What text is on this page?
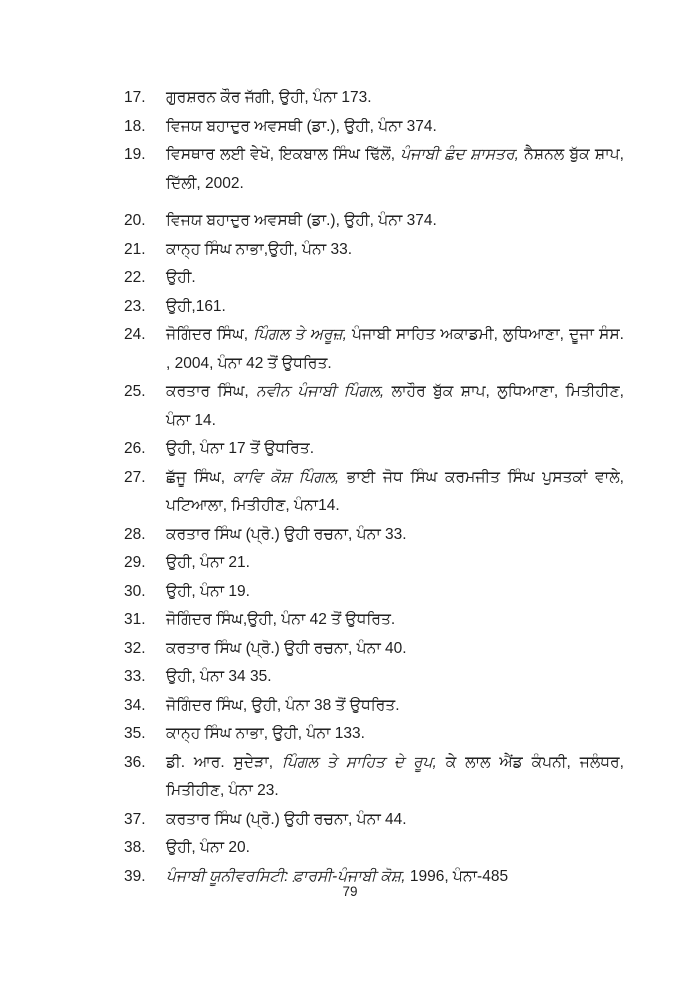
17.	ਗੁਰਸ਼ਰਨ ਕੌਰ ਜੱਗੀ, ਉਹੀ, ਪੰਨਾ 173.
18.	ਵਿਜਯ ਬਹਾਦੁਰ ਅਵਸਥੀ (ਡਾ.), ਉਹੀ, ਪੰਨਾ 374.
19.	ਵਿਸਥਾਰ ਲਈ ਵੇਖੋ, ਇਕਬਾਲ ਸਿੰਘ ਢਿੱਲੋਂ, ਪੰਜਾਬੀ ਛੰਦ ਸ਼ਾਸਤਰ, ਨੈਸ਼ਨਲ ਬੁੱਕ ਸ਼ਾਪ, ਦਿੱਲੀ, 2002.
20.	ਵਿਜਯ ਬਹਾਦੁਰ ਅਵਸਥੀ (ਡਾ.), ਉਹੀ, ਪੰਨਾ 374.
21.	ਕਾਨ੍ਹ ਸਿੰਘ ਨਾਭਾ,ਉਹੀ, ਪੰਨਾ 33.
22.	ਉਹੀ.
23.	ਉਹੀ,161.
24.	ਜੋਗਿੰਦਰ ਸਿੰਘ, ਪਿੰਗਲ ਤੇ ਅਰੂਜ਼, ਪੰਜਾਬੀ ਸਾਹਿਤ ਅਕਾਡਮੀ, ਲੁਧਿਆਣਾ, ਦੂਜਾ ਸੰਸ. , 2004, ਪੰਨਾ 42 ਤੋਂ ਉਧਰਿਤ.
25.	ਕਰਤਾਰ ਸਿੰਘ, ਨਵੀਨ ਪੰਜਾਬੀ ਪਿੰਗਲ, ਲਾਹੌਰ ਬੁੱਕ ਸ਼ਾਪ, ਲੁਧਿਆਣਾ, ਮਿਤੀਹੀਣ, ਪੰਨਾ 14.
26.	ਉਹੀ, ਪੰਨਾ 17 ਤੋਂ ਉਧਰਿਤ.
27.	ਛੱਜੂ ਸਿੰਘ, ਕਾਵਿ ਕੋਸ਼ ਪਿੰਗਲ, ਭਾਈ ਜੋਧ ਸਿੰਘ ਕਰਮਜੀਤ ਸਿੰਘ ਪੁਸਤਕਾਂ ਵਾਲੇ, ਪਟਿਆਲਾ, ਮਿਤੀਹੀਣ, ਪੰਨਾ14.
28.	ਕਰਤਾਰ ਸਿੰਘ (ਪ੍ਰੋ.) ਉਹੀ ਰਚਨਾ, ਪੰਨਾ 33.
29.	ਉਹੀ, ਪੰਨਾ 21.
30.	ਉਹੀ, ਪੰਨਾ 19.
31.	ਜੋਗਿੰਦਰ ਸਿੰਘ,ਉਹੀ, ਪੰਨਾ 42 ਤੋਂ ਉਧਰਿਤ.
32.	ਕਰਤਾਰ ਸਿੰਘ (ਪ੍ਰੋ.) ਉਹੀ ਰਚਨਾ, ਪੰਨਾ 40.
33.	ਉਹੀ, ਪੰਨਾ 34 35.
34.	ਜੋਗਿੰਦਰ ਸਿੰਘ, ਉਹੀ, ਪੰਨਾ 38 ਤੋਂ ਉਧਰਿਤ.
35.	ਕਾਨ੍ਹ ਸਿੰਘ ਨਾਭਾ, ਉਹੀ, ਪੰਨਾ 133.
36.	ਡੀ. ਆਰ. ਸੁਦੇੜਾ, ਪਿੰਗਲ ਤੇ ਸਾਹਿਤ ਦੇ ਰੂਪ, ਕੇ ਲਾਲ ਐਂਡ ਕੰਪਨੀ, ਜਲੰਧਰ, ਮਿਤੀਹੀਣ, ਪੰਨਾ 23.
37.	ਕਰਤਾਰ ਸਿੰਘ (ਪ੍ਰੋ.) ਉਹੀ ਰਚਨਾ, ਪੰਨਾ 44.
38.	ਉਹੀ, ਪੰਨਾ 20.
39.	ਪੰਜਾਬੀ ਯੂਨੀਵਰਸਿਟੀ: ਫ਼ਾਰਸੀ-ਪੰਜਾਬੀ ਕੋਸ਼, 1996, ਪੰਨਾ-485
79
